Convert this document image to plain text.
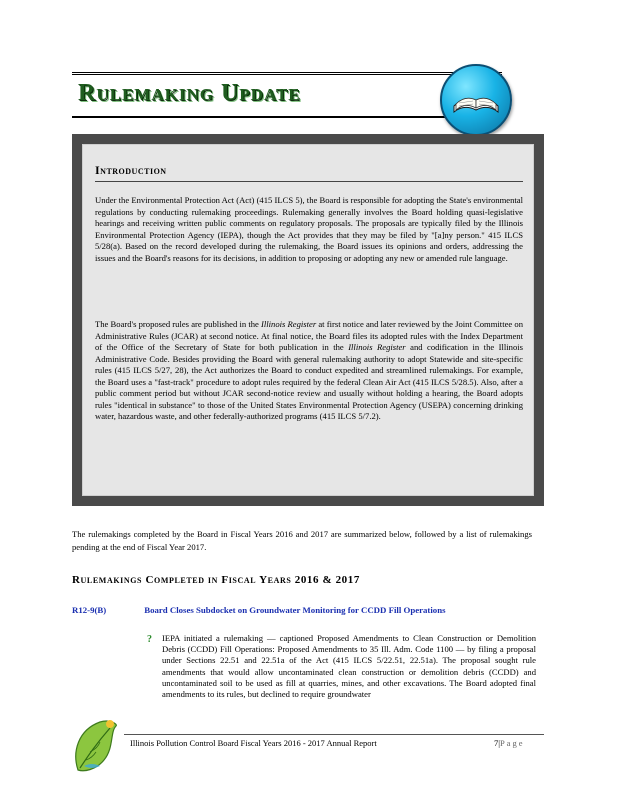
Rulemaking Update
Introduction
Under the Environmental Protection Act (Act) (415 ILCS 5), the Board is responsible for adopting the State's environmental regulations by conducting rulemaking proceedings. Rulemaking generally involves the Board holding quasi-legislative hearings and receiving written public comments on regulatory proposals. The proposals are typically filed by the Illinois Environmental Protection Agency (IEPA), though the Act provides that they may be filed by "[a]ny person." 415 ILCS 5/28(a). Based on the record developed during the rulemaking, the Board issues its opinions and orders, addressing the issues and the Board's reasons for its decisions, in addition to proposing or adopting any new or amended rule language.
The Board's proposed rules are published in the Illinois Register at first notice and later reviewed by the Joint Committee on Administrative Rules (JCAR) at second notice. At final notice, the Board files its adopted rules with the Index Department of the Office of the Secretary of State for both publication in the Illinois Register and codification in the Illinois Administrative Code. Besides providing the Board with general rulemaking authority to adopt Statewide and site-specific rules (415 ILCS 5/27, 28), the Act authorizes the Board to conduct expedited and streamlined rulemakings. For example, the Board uses a "fast-track" procedure to adopt rules required by the federal Clean Air Act (415 ILCS 5/28.5). Also, after a public comment period but without JCAR second-notice review and usually without holding a hearing, the Board adopts rules "identical in substance" to those of the United States Environmental Protection Agency (USEPA) concerning drinking water, hazardous waste, and other federally-authorized programs (415 ILCS 5/7.2).
The rulemakings completed by the Board in Fiscal Years 2016 and 2017 are summarized below, followed by a list of rulemakings pending at the end of Fiscal Year 2017.
Rulemakings Completed in Fiscal Years 2016 & 2017
R12-9(B)	Board Closes Subdocket on Groundwater Monitoring for CCDD Fill Operations
? IEPA initiated a rulemaking — captioned Proposed Amendments to Clean Construction or Demolition Debris (CCDD) Fill Operations: Proposed Amendments to 35 Ill. Adm. Code 1100 — by filing a proposal under Sections 22.51 and 22.51a of the Act (415 ILCS 5/22.51, 22.51a). The proposal sought rule amendments that would allow uncontaminated clean construction or demolition debris (CCDD) and uncontaminated soil to be used as fill at quarries, mines, and other excavations. The Board adopted final amendments to its rules, but declined to require groundwater
Illinois Pollution Control Board Fiscal Years 2016 - 2017 Annual Report	7|Page
